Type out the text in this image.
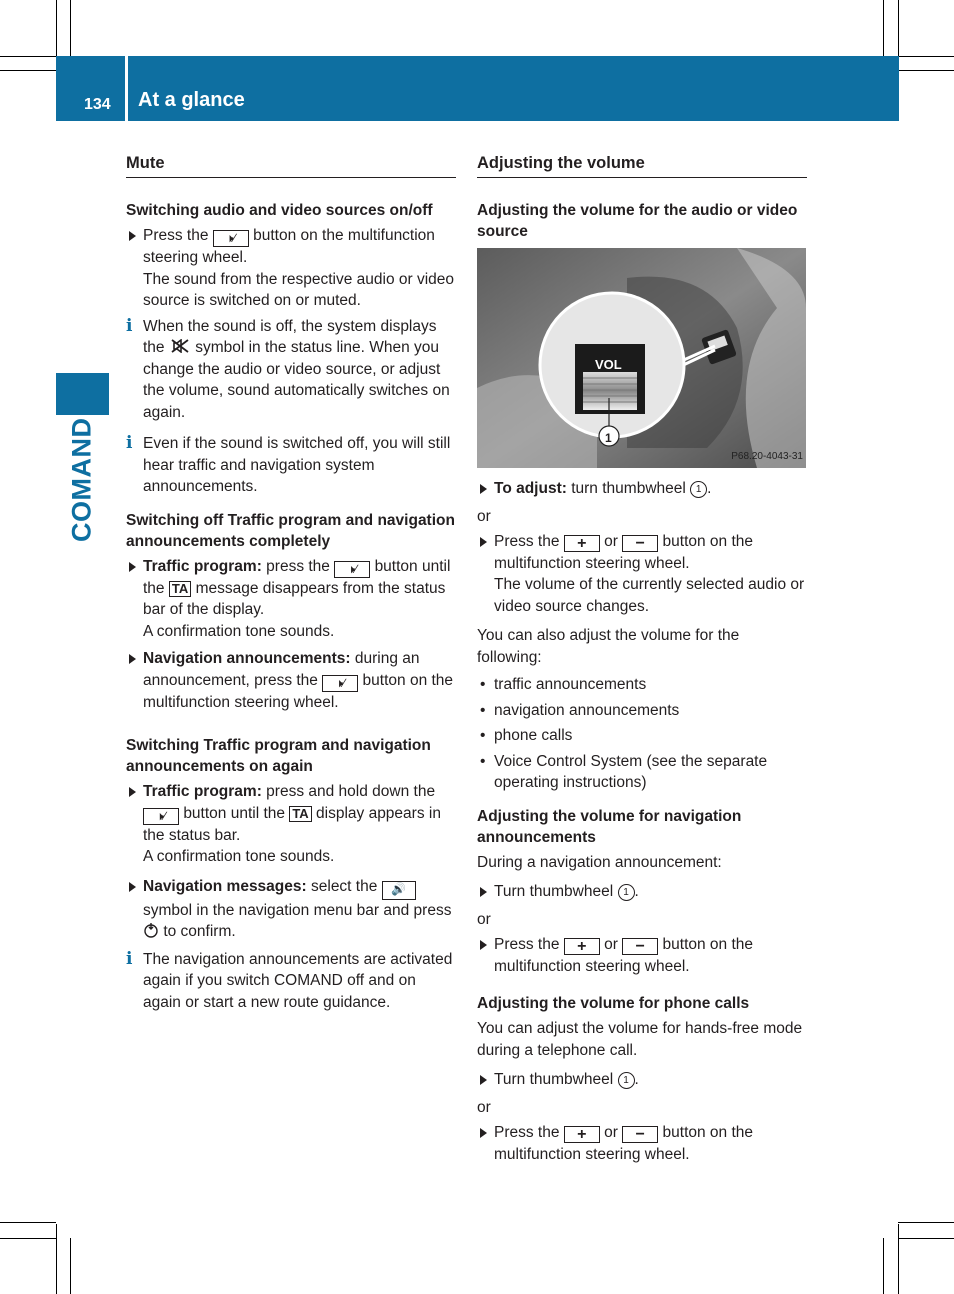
134 At a glance
COMAND
Mute
Switching audio and video sources on/off

Press the 🕨∕ button on the multifunction steering wheel.

The sound from the respective audio or video source is switched on or muted.

i When the sound is off, the system displays the symbol in the status line. When you change the audio or video source, or adjust the volume, sound automatically switches on again.

i Even if the sound is switched off, you will still hear traffic and navigation system announcements.

Switching off Traffic program and navigation announcements completely

Traffic program: press the 🕨∕ button until the TA message disappears from the status bar of the display.

A confirmation tone sounds.

Navigation announcements: during an announcement, press the 🕨∕ button on the multifunction steering wheel.

Switching Traffic program and navigation announcements on again

Traffic program: press and hold down the 🕨∕ button until the TA display appears in the status bar.

A confirmation tone sounds.

Navigation messages: select the 🔊 symbol in the navigation menu bar and press  to confirm.

i The navigation announcements are activated again if you switch COMAND off and on again or start a new route guidance.

Adjusting the volume
Adjusting the volume for the audio or video source
VOL
1
P68.20-4043-31

To adjust: turn thumbwheel 1 .

or

Press the + or − button on the multifunction steering wheel.

The volume of the currently selected audio or video source changes.

You can also adjust the volume for the following:

• traffic announcements
• navigation announcements
• phone calls
• Voice Control System (see the separate operating instructions)
Adjusting the volume for navigation announcements

During a navigation announcement:

Turn thumbwheel 1 .

or

Press the + or − button on the multifunction steering wheel.

Adjusting the volume for phone calls

You can adjust the volume for hands-free mode during a telephone call.

Turn thumbwheel 1 .

or

Press the + or − button on the multifunction steering wheel.
